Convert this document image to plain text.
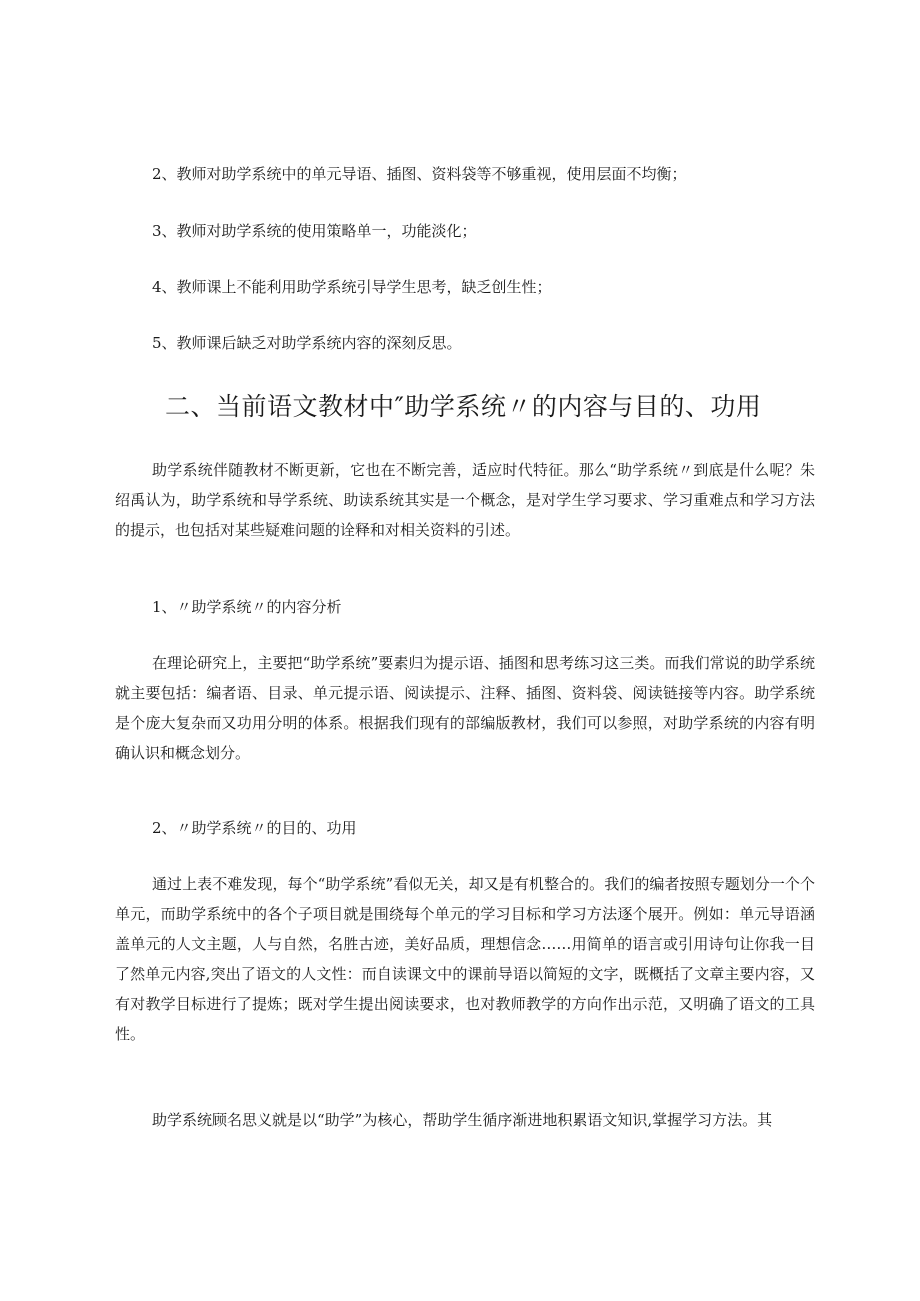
2、教师对助学系统中的单元导语、插图、资料袋等不够重视，使用层面不均衡；
3、教师对助学系统的使用策略单一，功能淡化；
4、教师课上不能利用助学系统引导学生思考，缺乏创生性；
5、教师课后缺乏对助学系统内容的深刻反思。
二、当前语文教材中″助学系统〃的内容与目的、功用

助学系统伴随教材不断更新，它也在不断完善，适应时代特征。那么“助学系统〃到底是什么呢？朱绍禹认为，助学系统和导学系统、助读系统其实是一个概念，是对学生学习要求、学习重难点和学习方法的提示，也包括对某些疑难问题的诠释和对相关资料的引述。

1、〃助学系统〃的内容分析

在理论研究上，主要把“助学系统”要素归为提示语、插图和思考练习这三类。而我们常说的助学系统就主要包括：编者语、目录、单元提示语、阅读提示、注释、插图、资料袋、阅读链接等内容。助学系统是个庞大复杂而又功用分明的体系。根据我们现有的部编版教材，我们可以参照，对助学系统的内容有明确认识和概念划分。

2、〃助学系统〃的目的、功用

通过上表不难发现，每个“助学系统”看似无关，却又是有机整合的。我们的编者按照专题划分一个个单元，而助学系统中的各个子项目就是围绕每个单元的学习目标和学习方法逐个展开。例如：单元导语涵盖单元的人文主题，人与自然，名胜古迹，美好品质，理想信念……用简单的语言或引用诗句让你我一目了然单元内容,突出了语文的人文性：而自读课文中的课前导语以简短的文字，既概括了文章主要内容，又有对教学目标进行了提炼；既对学生提出阅读要求，也对教师教学的方向作出示范，又明确了语文的工具性。

助学系统顾名思义就是以“助学”为核心，帮助学生循序渐进地积累语文知识,掌握学习方法。其
